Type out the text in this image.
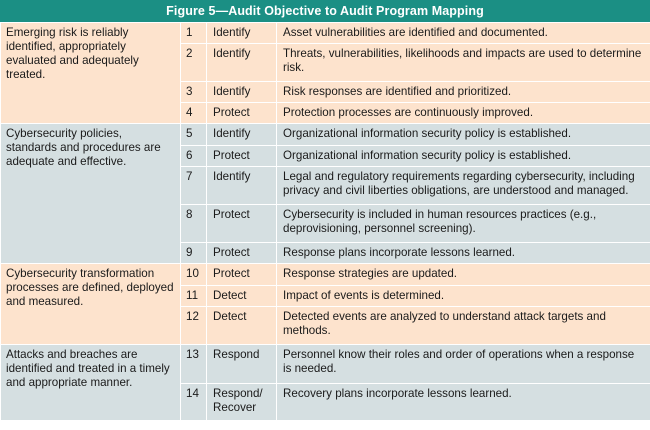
Figure 5—Audit Objective to Audit Program Mapping
Emerging risk is reliably identified, appropriately evaluated and adequately treated.	1	Identify	Asset vulnerabilities are identified and documented.
	2	Identify	Threats, vulnerabilities, likelihoods and impacts are used to determine risk.
	3	Identify	Risk responses are identified and prioritized.
	4	Protect	Protection processes are continuously improved.
Cybersecurity policies, standards and procedures are adequate and effective.	5	Identify	Organizational information security policy is established.
	6	Protect	Organizational information security policy is established.
	7	Identify	Legal and regulatory requirements regarding cybersecurity, including privacy and civil liberties obligations, are understood and managed.
	8	Protect	Cybersecurity is included in human resources practices (e.g., deprovisioning, personnel screening).
	9	Protect	Response plans incorporate lessons learned.
Cybersecurity transformation processes are defined, deployed and measured.	10	Protect	Response strategies are updated.
	11	Detect	Impact of events is determined.
	12	Detect	Detected events are analyzed to understand attack targets and methods.
Attacks and breaches are identified and treated in a timely and appropriate manner.	13	Respond	Personnel know their roles and order of operations when a response is needed.
	14	Respond/ Recover	Recovery plans incorporate lessons learned.
